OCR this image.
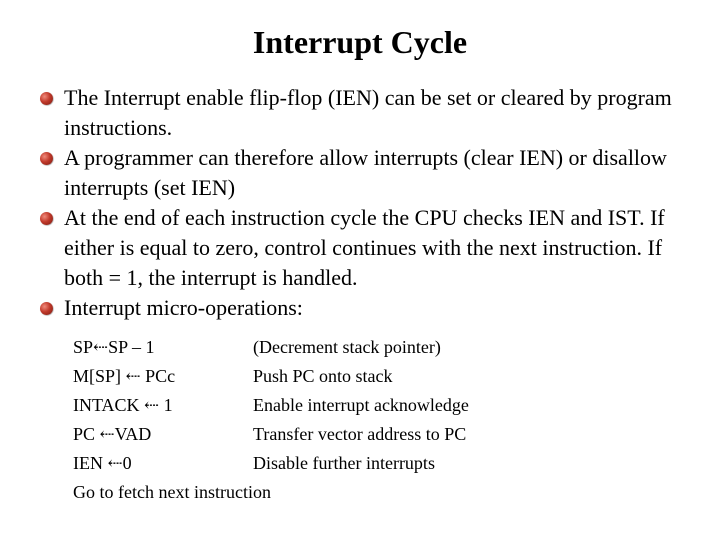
Interrupt Cycle
The Interrupt enable flip-flop (IEN) can be set or cleared by program instructions.
A programmer can therefore allow interrupts (clear IEN) or disallow interrupts (set IEN)
At the end of each instruction cycle the CPU checks IEN and IST. If either is equal to zero, control continues with the next instruction. If both = 1, the interrupt is handled.
Interrupt micro-operations:
SP⇠SP – 1	(Decrement stack pointer)
M[SP] ⇠ PCc	Push PC onto stack
INTACK ⇠ 1	Enable interrupt acknowledge
PC ⇠VAD	Transfer vector address to PC
IEN ⇠0	Disable further interrupts
Go to fetch next instruction
